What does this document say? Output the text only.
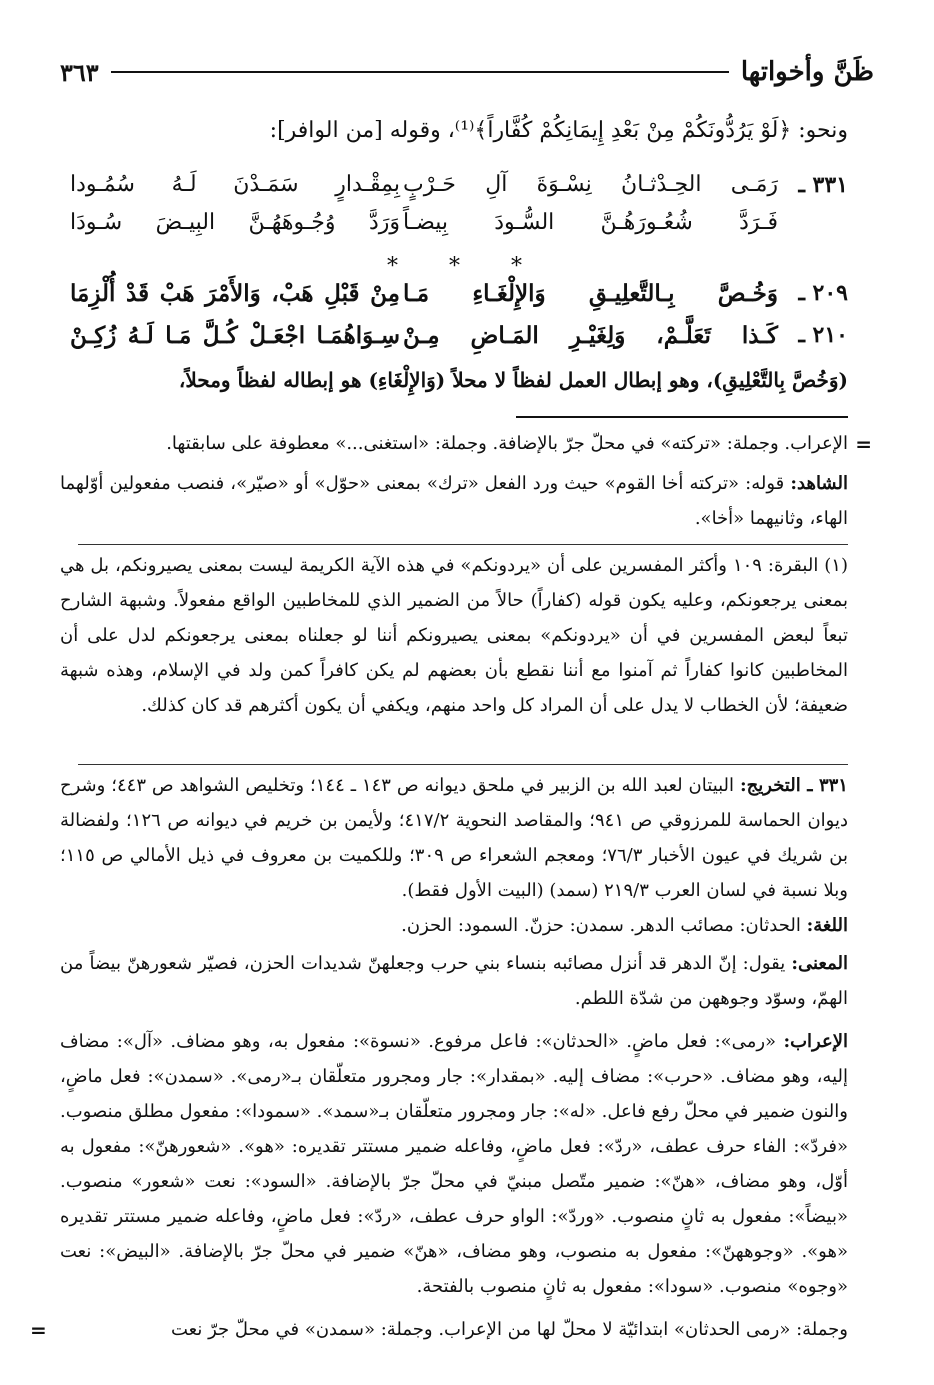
ظَنَّ وأخواتها
٣٦٣
ونحو: ﴿لَوْ يَرُدُّونَكُمْ مِنْ بَعْدِ إِيمَانِكُمْ كُفَّاراً﴾⁽¹⁾، وقوله [من الوافر]:
٣٣١ ـ
رَمَـى الحِـدْثـانُ نِسْـوَةَ آلِ حَـرْبٍ
بِمِقْـدارٍ سَمَـدْنَ لَـهُ سُمُـودا
فَـرَدَّ شُعُـورَهُـنَّ السُّـودَ بِيضـاً
وَرَدَّ وُجُـوهَهُـنَّ البِيـضَ سُـودَا
* * *
٢٠٩ ـ
وَخُـصَّ بِـالتَّعلِيـقِ وَالإِلْغَـاءِ مَـا
مِنْ قَبْلِ هَبْ، وَالأَمْرَ هَبْ قَدْ أُلْزِمَا
٢١٠ ـ
كَـذا تَعَلَّـمْ، وَلِغَيْـرِ المَـاضِ مِـنْ
سِـوَاهُمَـا اجْعَـلْ كُـلَّ مَـا لَـهُ زُكِـنْ
(وَخُصَّ بِالتَّعْلِيقِ)، وهو إبطال العمل لفظاً لا محلاً (وَالإِلْغَاءِ) هو إبطاله لفظاً ومحلاً،
=
الإعراب. وجملة: «تركته» في محلّ جرّ بالإضافة. وجملة: «استغنى...» معطوفة على سابقتها.
الشاهد: قوله: «تركته أخا القوم» حيث ورد الفعل «ترك» بمعنى «حوّل» أو «صيّر»، فنصب مفعولين أوّلهما الهاء، وثانيهما «أخا».
(١) البقرة: ١٠٩ وأكثر المفسرين على أن «يردونكم» في هذه الآية الكريمة ليست بمعنى يصيرونكم، بل هي بمعنى يرجعونكم، وعليه يكون قوله (كفاراً) حالاً من الضمير الذي للمخاطبين الواقع مفعولاً. وشبهة الشارح تبعاً لبعض المفسرين في أن «يردونكم» بمعنى يصيرونكم أننا لو جعلناه بمعنى يرجعونكم لدل على أن المخاطبين كانوا كفاراً ثم آمنوا مع أننا نقطع بأن بعضهم لم يكن كافراً كمن ولد في الإسلام، وهذه شبهة ضعيفة؛ لأن الخطاب لا يدل على أن المراد كل واحد منهم، ويكفي أن يكون أكثرهم قد كان كذلك.
٣٣١ ـ التخريج: البيتان لعبد الله بن الزبير في ملحق ديوانه ص ١٤٣ ـ ١٤٤؛ وتخليص الشواهد ص ٤٤٣؛ وشرح ديوان الحماسة للمرزوقي ص ٩٤١؛ والمقاصد النحوية ٤١٧/٢؛ ولأيمن بن خريم في ديوانه ص ١٢٦؛ ولفضالة بن شريك في عيون الأخبار ٧٦/٣؛ ومعجم الشعراء ص ٣٠٩؛ وللكميت بن معروف في ذيل الأمالي ص ١١٥؛ وبلا نسبة في لسان العرب ٢١٩/٣ (سمد) (البيت الأول فقط).
اللغة: الحدثان: مصائب الدهر. سمدن: حزنّ. السمود: الحزن.
المعنى: يقول: إنّ الدهر قد أنزل مصائبه بنساء بني حرب وجعلهنّ شديدات الحزن، فصيّر شعورهنّ بيضاً من الهمّ، وسوّد وجوههن من شدّة اللطم.
الإعراب: «رمى»: فعل ماضٍ. «الحدثان»: فاعل مرفوع. «نسوة»: مفعول به، وهو مضاف. «آل»: مضاف إليه، وهو مضاف. «حرب»: مضاف إليه. «بمقدار»: جار ومجرور متعلّقان بـ«رمى». «سمدن»: فعل ماضٍ، والنون ضمير في محلّ رفع فاعل. «له»: جار ومجرور متعلّقان بـ«سمد». «سمودا»: مفعول مطلق منصوب. «فردّ»: الفاء حرف عطف، «ردّ»: فعل ماضٍ، وفاعله ضمير مستتر تقديره: «هو». «شعورهنّ»: مفعول به أوّل، وهو مضاف، «هنّ»: ضمير متّصل مبنيّ في محلّ جرّ بالإضافة. «السود»: نعت «شعور» منصوب. «بيضاً»: مفعول به ثانٍ منصوب. «وردّ»: الواو حرف عطف، «ردّ»: فعل ماضٍ، وفاعله ضمير مستتر تقديره «هو». «وجوههنّ»: مفعول به منصوب، وهو مضاف، «هنّ» ضمير في محلّ جرّ بالإضافة. «البيض»: نعت «وجوه» منصوب. «سودا»: مفعول به ثانٍ منصوب بالفتحة.
وجملة: «رمى الحدثان» ابتدائيّة لا محلّ لها من الإعراب. وجملة: «سمدن» في محلّ جرّ نعت
=
